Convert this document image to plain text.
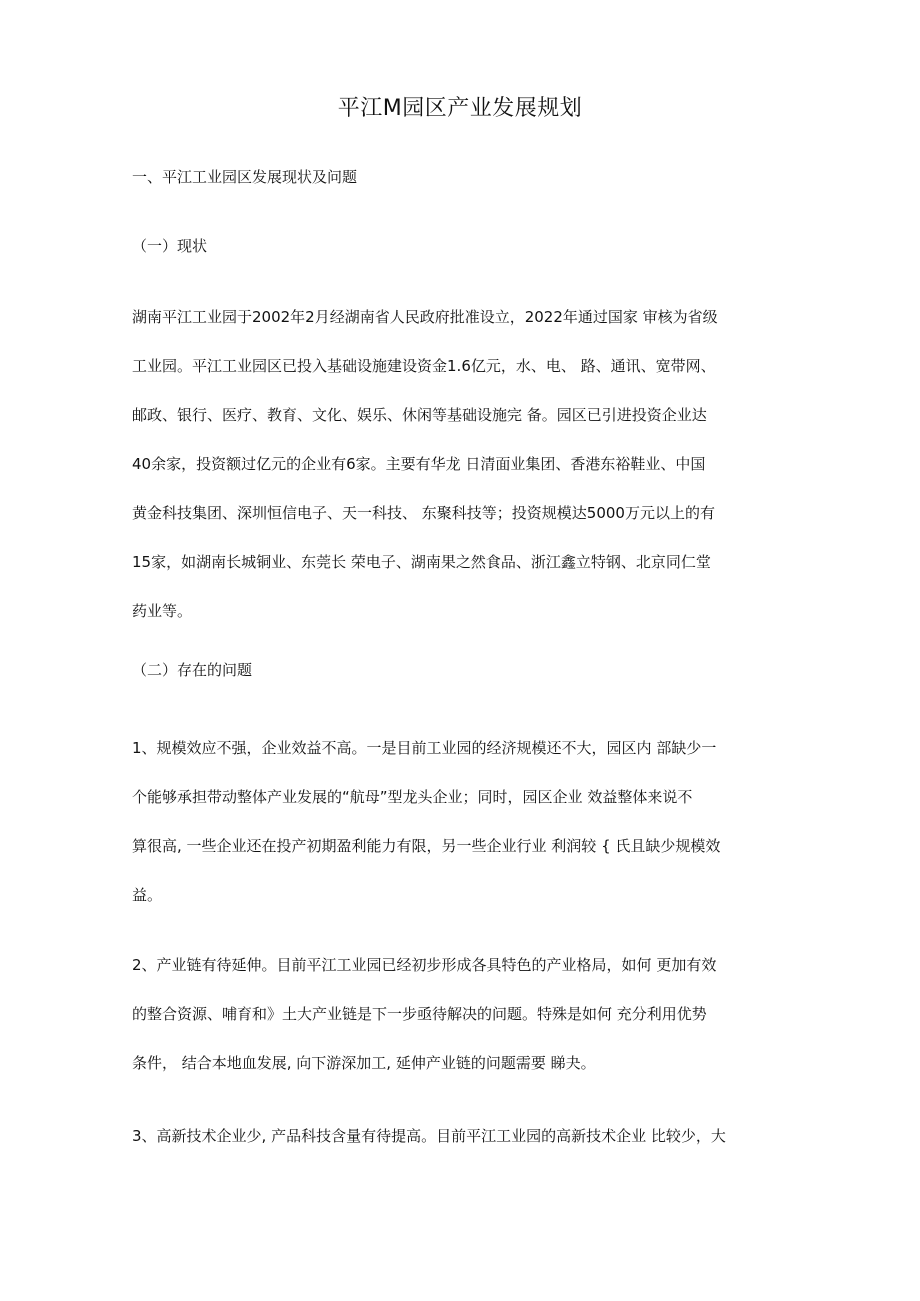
平江M园区产业发展规划
一、平江工业园区发展现状及问题
（一）现状
湖南平江工业园于2002年2月经湖南省人民政府批准设立，2022年通过国家 审核为省级
工业园。平江工业园区已投入基础设施建设资金1.6亿元，水、电、 路、通讯、宽带网、
邮政、银行、医疗、教育、文化、娱乐、休闲等基础设施完 备。园区已引进投资企业达
40余家，投资额过亿元的企业有6家。主要有华龙 日清面业集团、香港东裕鞋业、中国
黄金科技集团、深圳恒信电子、天一科技、 东聚科技等；投资规模达5000万元以上的有
15家，如湖南长城铜业、东莞长 荣电子、湖南果之然食品、浙江鑫立特钢、北京同仁堂
药业等。
（二）存在的问题
1、规模效应不强，企业效益不高。一是目前工业园的经济规模还不大，园区内 部缺少一
个能够承担带动整体产业发展的“航母”型龙头企业；同时，园区企业 效益整体来说不
算很高, 一些企业还在投产初期盈利能力有限，另一些企业行业 利润较 { 氏且缺少规模效
益。
2、产业链有待延伸。目前平江工业园已经初步形成各具特色的产业格局，如何 更加有效
的整合资源、哺育和》土大产业链是下一步亟待解决的问题。特殊是如何 充分利用优势
条件， 结合本地血发展, 向下游深加工, 延伸产业链的问题需要 睇夬。
3、高新技术企业少, 产品科技含量有待提高。目前平江工业园的高新技术企业 比较少，大
